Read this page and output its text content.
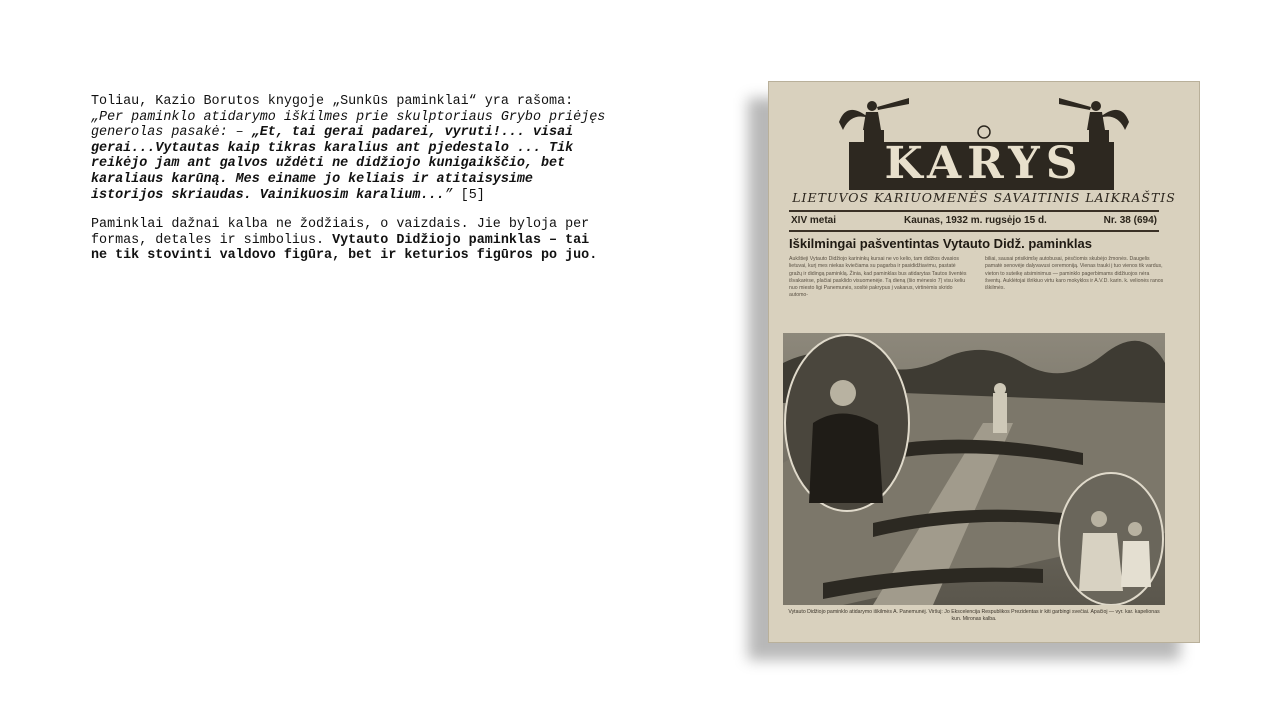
Toliau, Kazio Borutos knygoje „Sunkūs paminklai“ yra rašoma: „Per paminklo atidarymo iškilmes prie skulptoriaus Grybo priėjęs generolas pasakė: – „Et, tai gerai padarei, vyruti!... visai gerai...Vytautas kaip tikras karalius ant pjedestalo ... Tik reikėjo jam ant galvos uždėti ne didžiojo kunigaikščio, bet karaliaus karūną. Mes einame jo keliais ir atitaisysime istorijos skriaudas. Vainikuosim karalium...” [5]

Paminklai dažnai kalba ne žodžiais, o vaizdais. Jie byloja per formas, detales ir simbolius. Vytauto Didžiojo paminklas – tai ne tik stovinti valdovo figūra, bet ir keturios figūros po juo.

KARYS
LIETUVOS KARIUOMENĖS SAVAITINIS LAIKRAŠTIS
XIV metai	Kaunas, 1932 m. rugsėjo 15 d.	Nr. 38 (694)
Iškilmingai pašventintas Vytauto Didž. paminklas
Aukštieji Vytauto Didžiojo karininkų kursai ne vo kelio, tam didžios dvasios lietuvai, kurį mes niekas kviečiama su pagarba ir pasididžiavimu, pastatė gražų ir didingą paminklą. Žinia, kad paminklas bus atidarytas Tautos šventės išvakarėse, plačiai pasklido visuomenėje. Tą dieną (šio mėnesio 7) visu keliu nuo miesto ligi Panemunės, sosltė pakrypus į vakarus, virtinėmis skrido automo-
biliai, sausai prisikimšę autobusai, pėsčiomis skubėjo žmonės. Daugelis pamatė senovėje dalyvavusi ceremoniją. Vienas trauki į tuo vienos tik vardus, vieton to suteikę atsiminimus — paminklo pagerbimams didžiuojos nėra šventų. Auklėtojai išrikiuo virtu karo mokyklos ir A.V.D. karin. k. velionės ranos iškilmės.
Vytauto Didžiojo paminklo atidarymo iškilmės A. Panemunėj. Viršuj: Jo Ekscelencija Respublikos Prezidentas ir kiti garbingi svečiai. Apačioj — vyr. kar. kapelionas kun. Mironas kalba.
